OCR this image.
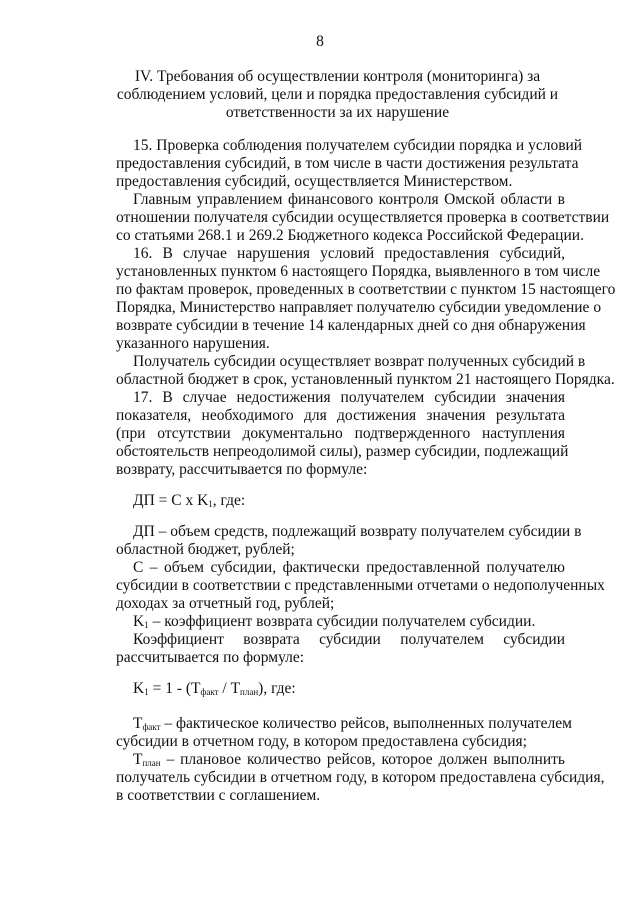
8
IV. Требования об осуществлении контроля (мониторинга) за
соблюдением условий, цели и порядка предоставления субсидий и
ответственности за их нарушение
15. Проверка соблюдения получателем субсидии порядка и условий
предоставления субсидий, в том числе в части достижения результата
предоставления субсидий, осуществляется Министерством.
Главным управлением финансового контроля Омской области в
отношении получателя субсидии осуществляется проверка в соответствии
со статьями 268.1 и 269.2 Бюджетного кодекса Российской Федерации.
16. В случае нарушения условий предоставления субсидий,
установленных пунктом 6 настоящего Порядка, выявленного в том числе
по фактам проверок, проведенных в соответствии с пунктом 15 настоящего
Порядка, Министерство направляет получателю субсидии уведомление о
возврате субсидии в течение 14 календарных дней со дня обнаружения
указанного нарушения.
Получатель субсидии осуществляет возврат полученных субсидий в
областной бюджет в срок, установленный пунктом 21 настоящего Порядка.
17. В случае недостижения получателем субсидии значения
показателя, необходимого для достижения значения результата
(при отсутствии документально подтвержденного наступления
обстоятельств непреодолимой силы), размер субсидии, подлежащий
возврату, рассчитывается по формуле:
ДП = С х $K_1$, где:
ДП – объем средств, подлежащий возврату получателем субсидии в
областной бюджет, рублей;
С – объем субсидии, фактически предоставленной получателю
субсидии в соответствии с представленными отчетами о недополученных
доходах за отчетный год, рублей;
$K_1$ – коэффициент возврата субсидии получателем субсидии.
Коэффициент возврата субсидии получателем субсидии
рассчитывается по формуле:
$K_1 = 1 - (T_{факт} / T_{план})$, где:
$Т_{факт}$ – фактическое количество рейсов, выполненных получателем
субсидии в отчетном году, в котором предоставлена субсидия;
$Т_{план}$ – плановое количество рейсов, которое должен выполнить
получатель субсидии в отчетном году, в котором предоставлена субсидия,
в соответствии с соглашением.
